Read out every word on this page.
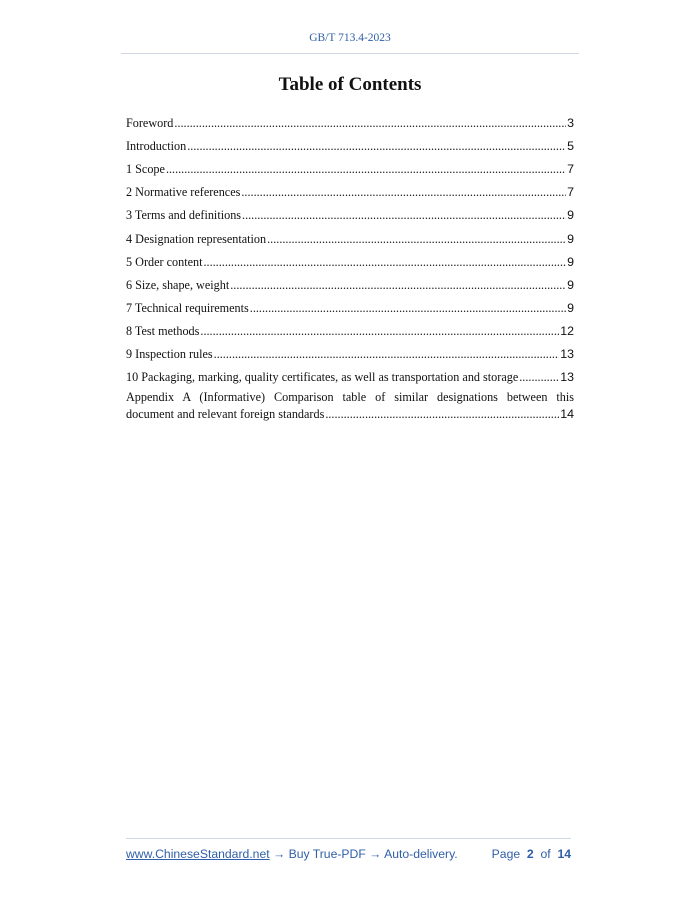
GB/T 713.4-2023
Table of Contents
Foreword .....	3
Introduction .....	5
1 Scope .....	7
2 Normative references .....	7
3 Terms and definitions .....	9
4 Designation representation .....	9
5 Order content .....	9
6 Size, shape, weight .....	9
7 Technical requirements .....	9
8 Test methods .....	12
9 Inspection rules .....	13
10 Packaging, marking, quality certificates, as well as transportation and storage .....	13
Appendix A (Informative) Comparison table of similar designations between this
document and relevant foreign standards .....	14
www.ChineseStandard.net → Buy True-PDF → Auto-delivery.	Page 2 of 14
